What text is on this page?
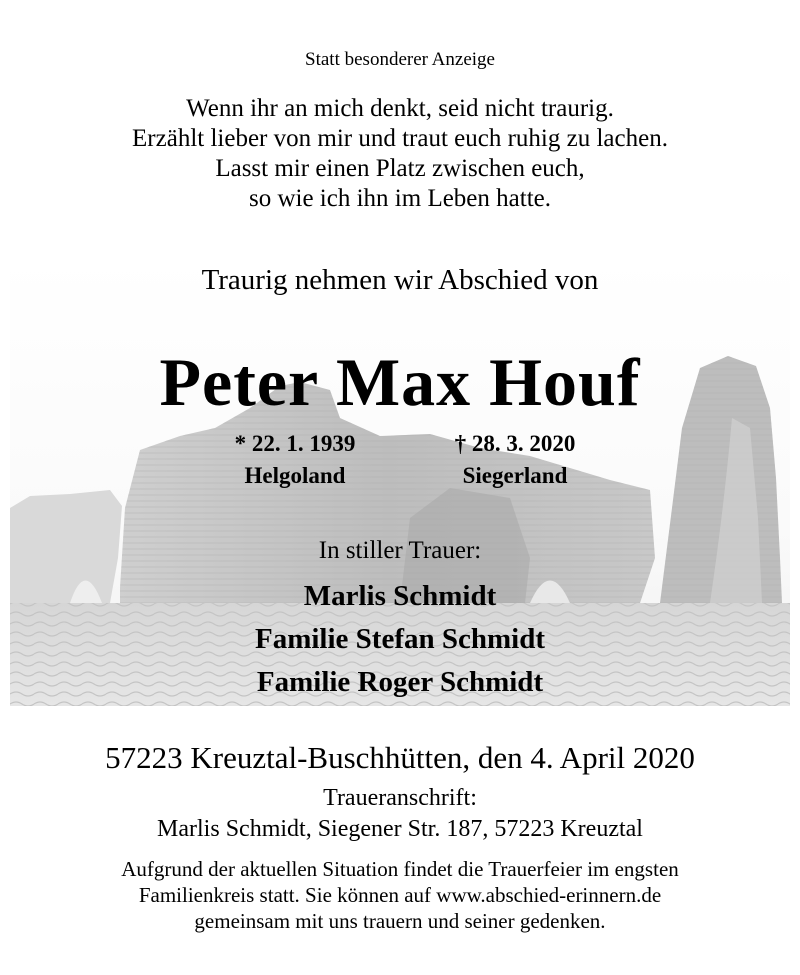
Statt besonderer Anzeige

Wenn ihr an mich denkt, seid nicht traurig.
Erzählt lieber von mir und traut euch ruhig zu lachen.
Lasst mir einen Platz zwischen euch,
so wie ich ihn im Leben hatte.

Traurig nehmen wir Abschied von

Peter Max Houf

* 22. 1. 1939
Helgoland
† 28. 3. 2020
Siegerland

In stiller Trauer:

Marlis Schmidt
Familie Stefan Schmidt
Familie Roger Schmidt

57223 Kreuztal-Buschhütten, den 4. April 2020

Traueranschrift:

Marlis Schmidt, Siegener Str. 187, 57223 Kreuztal

Aufgrund der aktuellen Situation findet die Trauerfeier im engsten
Familienkreis statt. Sie können auf www.abschied-erinnern.de
gemeinsam mit uns trauern und seiner gedenken.
